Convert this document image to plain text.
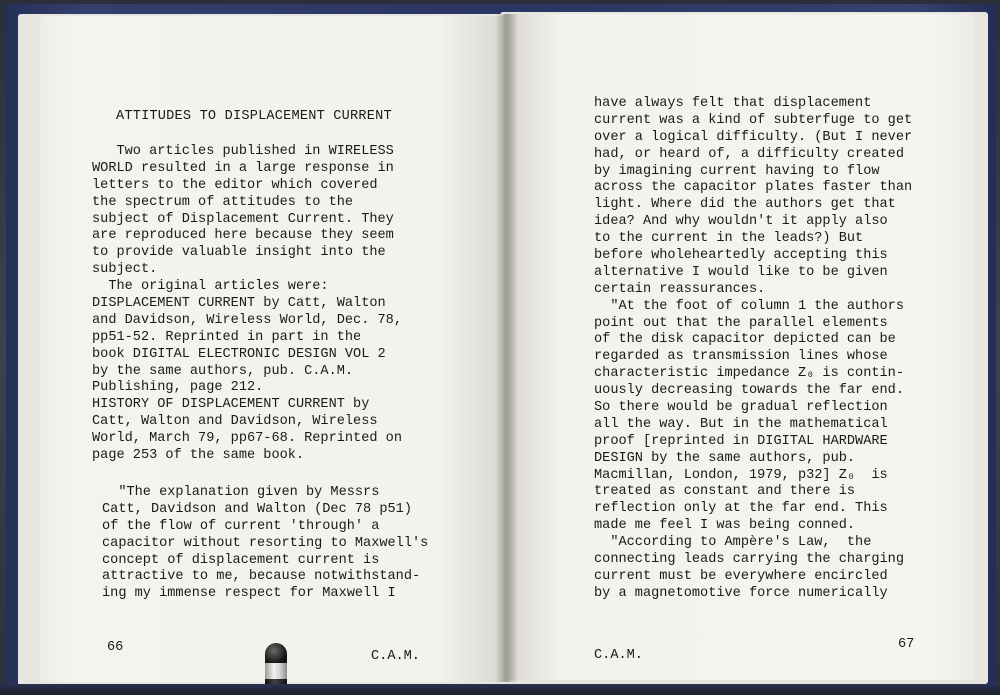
ATTITUDES TO DISPLACEMENT CURRENT
Two articles published in WIRELESS
WORLD resulted in a large response in
letters to the editor which covered
the spectrum of attitudes to the
subject of Displacement Current. They
are reproduced here because they seem
to provide valuable insight into the
subject.
The original articles were:
DISPLACEMENT CURRENT by Catt, Walton
and Davidson, Wireless World, Dec. 78,
pp51-52. Reprinted in part in the
book DIGITAL ELECTRONIC DESIGN VOL 2
by the same authors, pub. C.A.M.
Publishing, page 212.
HISTORY OF DISPLACEMENT CURRENT by
Catt, Walton and Davidson, Wireless
World, March 79, pp67-68. Reprinted on
page 253 of the same book.
"The explanation given by Messrs
Catt, Davidson and Walton (Dec 78 p51)
of the flow of current 'through' a
capacitor without resorting to Maxwell's
concept of displacement current is
attractive to me, because notwithstand-
ing my immense respect for Maxwell I
have always felt that displacement
current was a kind of subterfuge to get
over a logical difficulty. (But I never
had, or heard of, a difficulty created
by imagining current having to flow
across the capacitor plates faster than
light. Where did the authors get that
idea? And why wouldn't it apply also
to the current in the leads?) But
before wholeheartedly accepting this
alternative I would like to be given
certain reassurances.
"At the foot of column 1 the authors
point out that the parallel elements
of the disk capacitor depicted can be
regarded as transmission lines whose
characteristic impedance Z₀ is contin-
uously decreasing towards the far end.
So there would be gradual reflection
all the way. But in the mathematical
proof [reprinted in DIGITAL HARDWARE
DESIGN by the same authors, pub.
Macmillan, London, 1979, p32] Z₀  is
treated as constant and there is
reflection only at the far end. This
made me feel I was being conned.
"According to Ampère's Law,  the
connecting leads carrying the charging
current must be everywhere encircled
by a magnetomotive force numerically
66
C.A.M.	C.A.M.
67
